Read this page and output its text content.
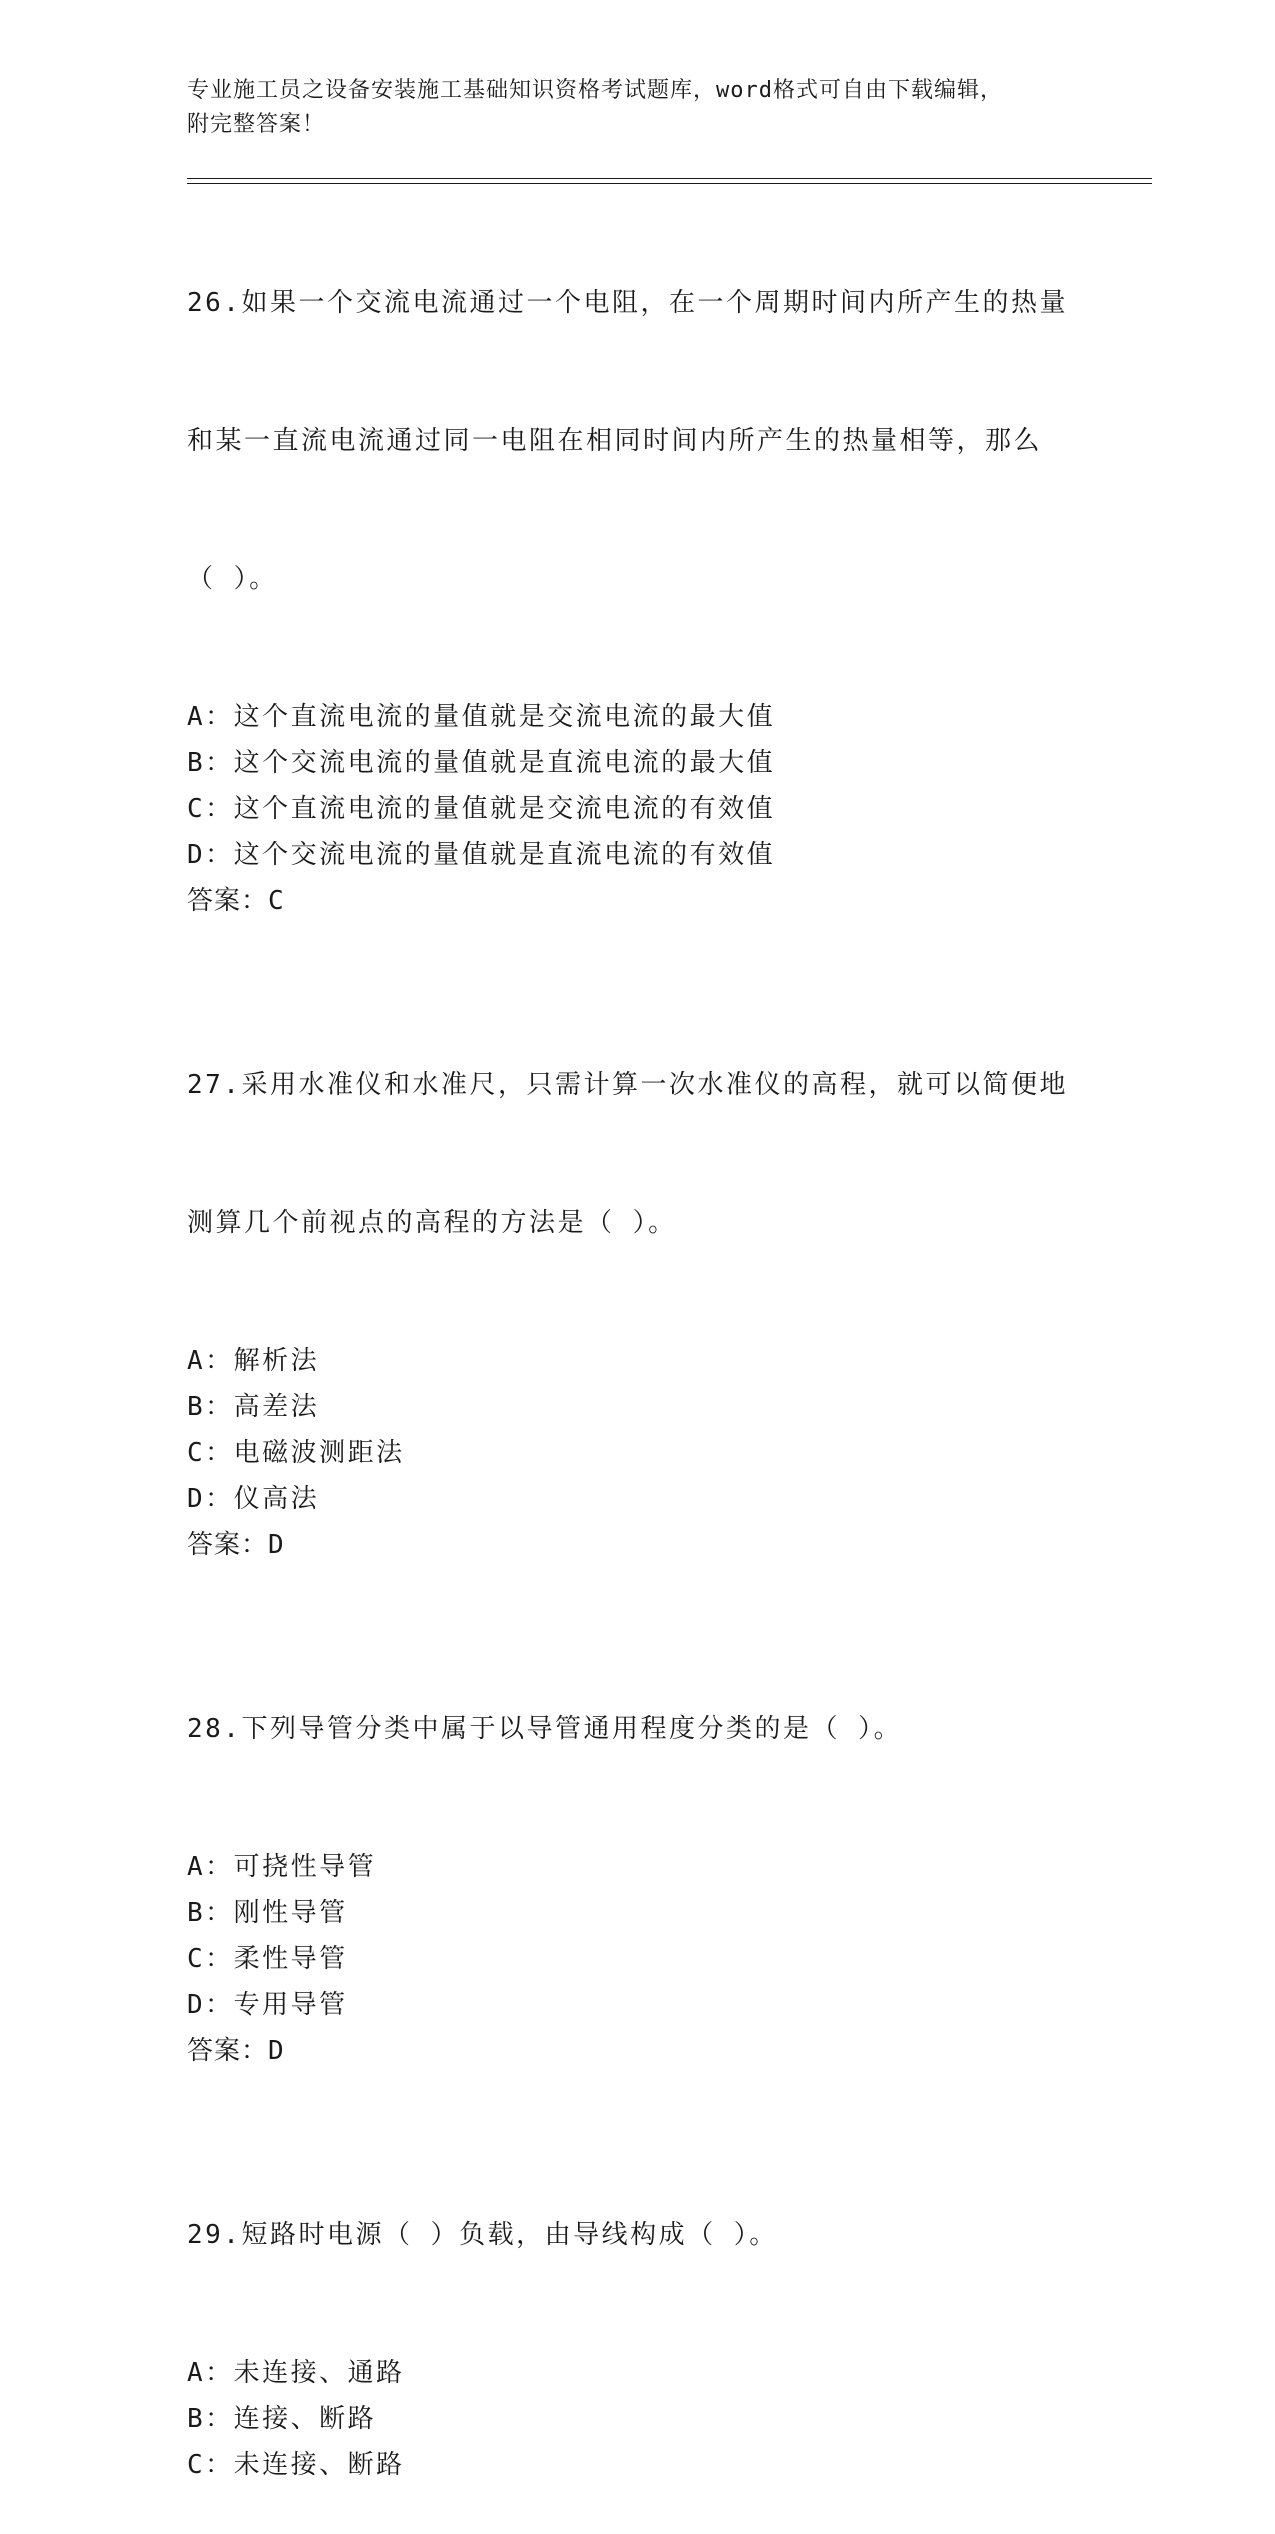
专业施工员之设备安装施工基础知识资格考试题库，word格式可自由下载编辑，
附完整答案！

26.如果一个交流电流通过一个电阻，在一个周期时间内所产生的热量

和某一直流电流通过同一电阻在相同时间内所产生的热量相等，那么

（ ）。

A：这个直流电流的量值就是交流电流的最大值
B：这个交流电流的量值就是直流电流的最大值
C：这个直流电流的量值就是交流电流的有效值
D：这个交流电流的量值就是直流电流的有效值
答案：C

27.采用水准仪和水准尺，只需计算一次水准仪的高程，就可以简便地

测算几个前视点的高程的方法是（ ）。

A：解析法
B：高差法
C：电磁波测距法
D：仪高法
答案：D

28.下列导管分类中属于以导管通用程度分类的是（ ）。

A：可挠性导管
B：刚性导管
C：柔性导管
D：专用导管
答案：D

29.短路时电源（ ）负载，由导线构成（ ）。

A：未连接、通路
B：连接、断路
C：未连接、断路
